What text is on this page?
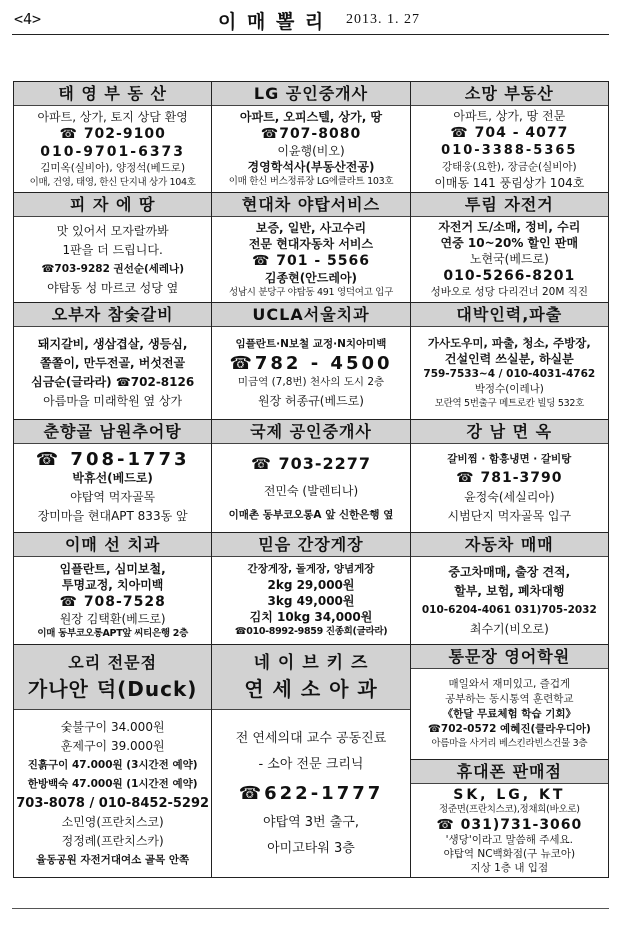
<4>	이 매 뽈 리 2013. 1. 27
태 영 부 동 산
아파트, 상가, 토지 상담 환영
☎ 702-9100
010-9701-6373
김미옥(실비아), 양정석(베드로)
이매, 건영, 태영, 한신 단지내 상가 104호
LG 공인중개사
아파트, 오피스텔, 상가, 땅
☎707-8080
이윤행(비오)
경영학석사(부동산전공)
이매 한신 버스정류장 LG에클라트 103호
소망 부동산
아파트, 상가, 땅 전문
☎ 704 - 4077
010-3388-5365
강태웅(요한), 장금순(실비아)
이매동 141 풍림상가 104호
피 자 에 땅
맛 있어서 모자랄까봐
1판을 더 드립니다.
☎703-9282 권선순(세레나)
야탑동 성 마르코 성당 옆
현대차 야탑서비스
보증, 일반, 사고수리
전문 현대자동차 서비스
☎ 701 - 5566
김종현(안드레아)
성남시 분당구 야탑동 491 영덕여고 입구
투림 자전거
자전거 도/소매, 정비, 수리
연중 10~20% 할인 판매
노현국(베드로)
010-5266-8201
성바오로 성당 다리건너 20M 직진
오부자 참숯갈비
돼지갈비, 생삼겹살, 생등심,
쫄쫄이, 만두전골, 버섯전골
심금순(글라라) ☎702-8126
아름마을 미래학원 옆 상가
UCLA서울치과
임플란트·N보철 교정·N치아미백
☎782 - 4500
미금역 (7,8번) 천사의 도시 2층
원장 허종규(베드로)
대박인력,파출
가사도우미, 파출, 청소, 주방장,
건설인력 쓰실분, 하실분
759-7533~4 / 010-4031-4762
박정수(이레나)
모란역 5번출구 메트로칸 빌딩 532호
춘향골 남원추어탕
☎ 708-1773
박휴선(베드로)
야탑역 먹자골목
장미마을 현대APT 833동 앞
국제 공인중개사
☎ 703-2277
전민숙 (발렌티나)
이매촌 동부코오롱A 앞 신한은행 옆
강 남 면 옥
갈비찜 · 함흥냉면 · 갈비탕
☎ 781-3790
윤정숙(세실리아)
시범단지 먹자골목 입구
이매 선 치과
임플란트, 심미보철,
투명교정, 치아미백
☎ 708-7528
원장 김택환(베드로)
이매 동부코오롱APT앞 씨티은행 2층
믿음 간장게장
간장게장, 돌게장, 양념게장
2kg 29,000원
3kg 49,000원
김치 10kg 34,000원
☎010-8992-9859 진종희(글라라)
자동차 매매
중고차매매, 출장 견적,
할부, 보험, 폐차대행
010-6204-4061 031)705-2032
최수기(비오로)
오리 전문점
가나안 덕(Duck)
숯불구이 34.000원
훈제구이 39.000원
진흙구이 47.000원 (3시간전 예약)
한방백숙 47.000원 (1시간전 예약)
703-8078 / 010-8452-5292
소민영(프란치스코)
정정례(프란치스카)
율동공원 자전거대여소 골목 안쪽
네 이 브 키 즈
연 세 소 아 과
전 연세의대 교수 공동진료
- 소아 전문 크리닉
☎622-1777
야탑역 3번 출구,
아미고타워 3층
통문장 영어학원
매일와서 재미있고, 즐겁게
공부하는 동시통역 훈련학교
《한달 무료체험 학습 기회》
☎702-0572 예혜진(클라우디아)
아름마을 사거리 베스킨라빈스건물 3층
휴대폰 판매점
SK, LG, KT
정준면(프란치스코),정채희(바오로)
☎ 031)731-3060
'생당'이라고 말씀해 주세요.
야탑역 NC백화점(구 뉴코아)
지상 1층 내 입점
